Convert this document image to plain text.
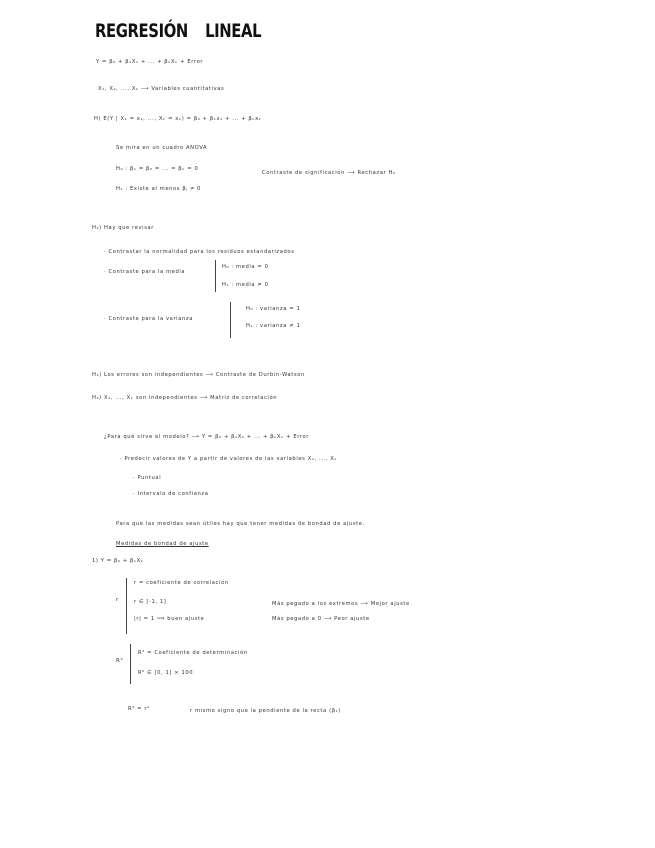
REGRESIÓN LINEAL
Y = β₀ + β₁X₁ + ... + βₖXₖ + Error
X₁, X₂, ..., Xₖ ⟶ Variables cuantitativas
H) E(Y | X₁ = x₁, ..., Xₖ = xₖ) = β₀ + β₁x₁ + ... + βₖxₖ
Se mira en un cuadro ANOVA
H₀ : β₁ = β₂ = ... = βₖ = 0
Contraste de significación ⟶ Rechazar H₀
H₁ : Existe al menos βⱼ ≠ 0
H₂) Hay que revisar
· Contrastar la normalidad para los residuos estandarizados
· Contraste para la media
H₀ : media = 0
H₁ : media ≠ 0
· Contraste para la varianza
H₀ : varianza = 1
H₁ : varianza ≠ 1
H₃) Los errores son independientes ⟶ Contraste de Durbin-Watson
H₄) X₁, ..., Xₖ son independientes ⟶ Matriz de correlación
¿Para qué sirve el modelo? ⟶ Y = β₀ + β₁X₁ + ... + βₖXₖ + Error
· Predecir valores de Y a partir de valores de las variables X₁, ..., Xₖ
· Puntual
· Intervalo de confianza
Para que las medidas sean útiles hay que tener medidas de bondad de ajuste.
Medidas de bondad de ajuste
1) Y = β₀ + β₁X₁
r
r = coeficiente de correlación
r ∈ [-1, 1]	Más pegado a los extremos ⟶ Mejor ajuste
|r| = 1 ⟹ buen ajuste	Más pegado a 0 ⟶ Peor ajuste
R²
R² = Coeficiente de determinación
R² ∈ [0, 1] × 100
R² = r²	r mismo signo que la pendiente de la recta (β₁)
